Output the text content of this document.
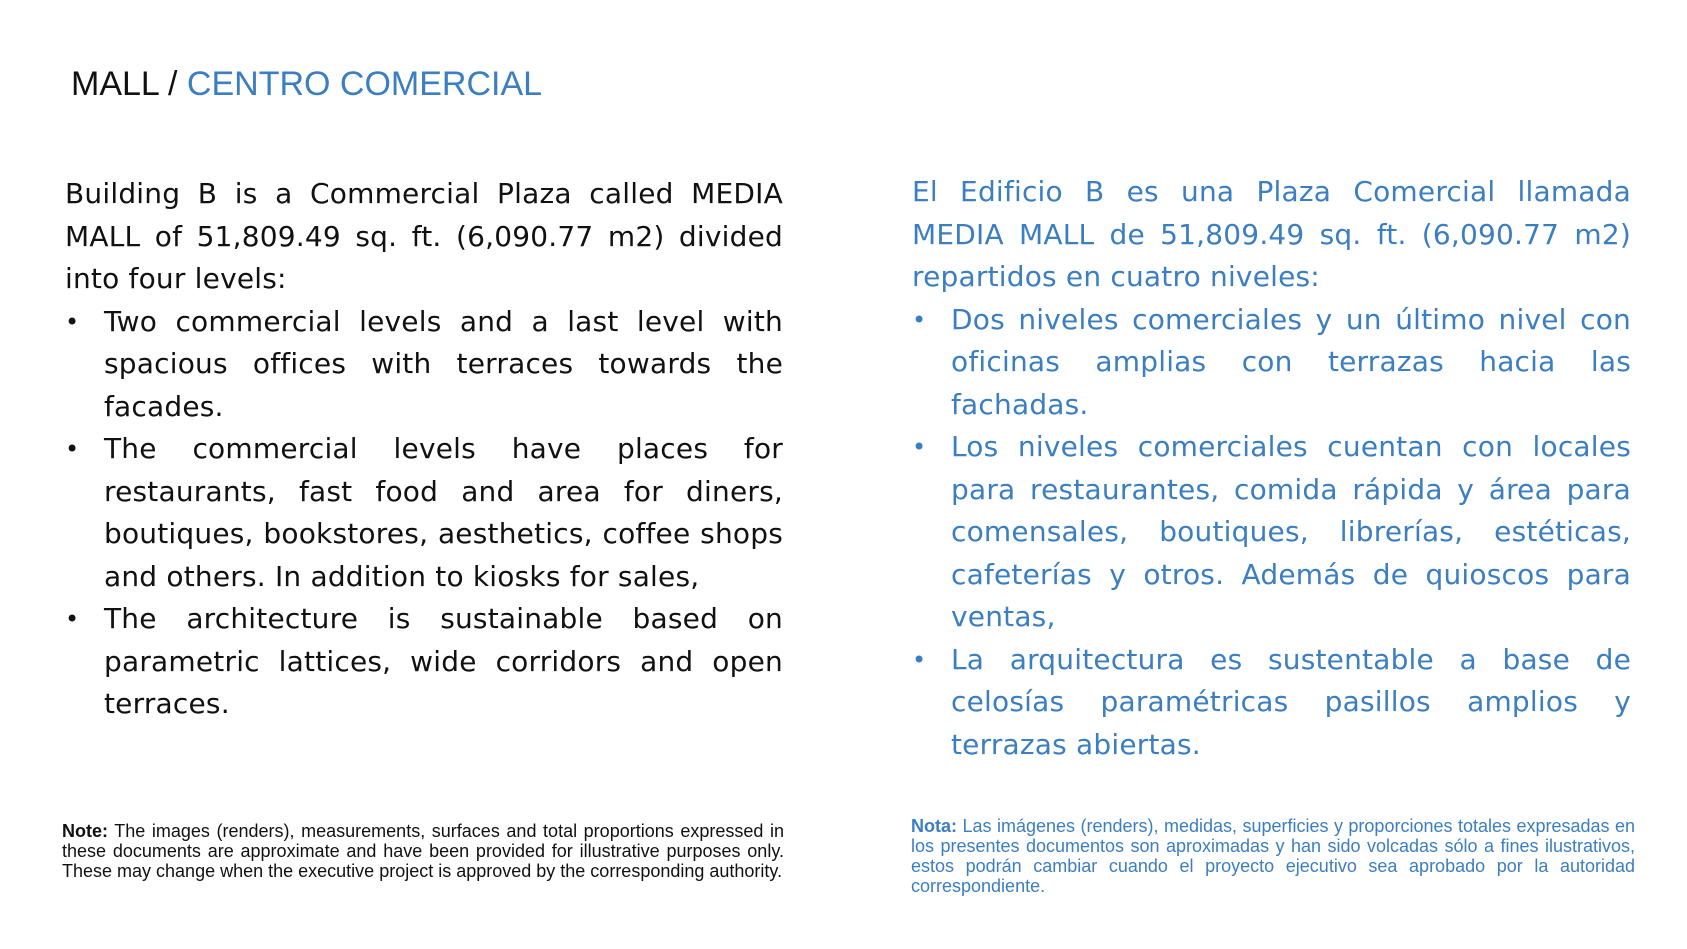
MALL / CENTRO COMERCIAL

Building B is a Commercial Plaza called MEDIA MALL of 51,809.49 sq. ft. (6,090.77 m2) divided into four levels:

• Two commercial levels and a last level with spacious offices with terraces towards the facades.
• The commercial levels have places for restaurants, fast food and area for diners, boutiques, bookstores, aesthetics, coffee shops and others. In addition to kiosks for sales,
• The architecture is sustainable based on parametric lattices, wide corridors and open terraces.

El Edificio B es una Plaza Comercial llamada MEDIA MALL de 51,809.49 sq. ft. (6,090.77 m2) repartidos en cuatro niveles:

• Dos niveles comerciales y un último nivel con oficinas amplias con terrazas hacia las fachadas.
• Los niveles comerciales cuentan con locales para restaurantes, comida rápida y área para comensales, boutiques, librerías, estéticas, cafeterías y otros. Además de quioscos para ventas,
• La arquitectura es sustentable a base de celosías paramétricas pasillos amplios y terrazas abiertas.
Note: The images (renders), measurements, surfaces and total proportions expressed in these documents are approximate and have been provided for illustrative purposes only. These may change when the executive project is approved by the corresponding authority.
Nota: Las imágenes (renders), medidas, superficies y proporciones totales expresadas en los presentes documentos son aproximadas y han sido volcadas sólo a fines ilustrativos, estos podrán cambiar cuando el proyecto ejecutivo sea aprobado por la autoridad correspondiente.
